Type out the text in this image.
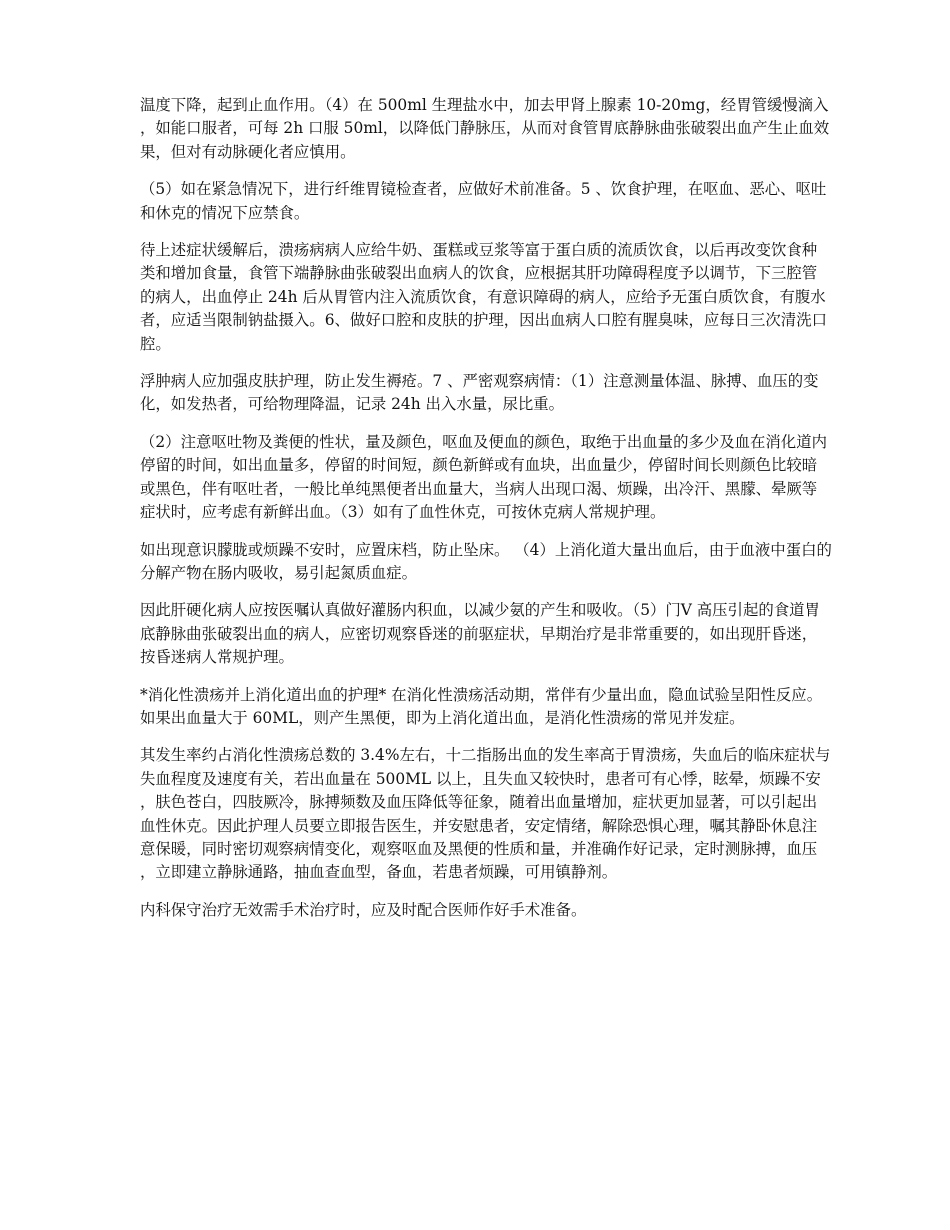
温度下降，起到止血作用。（4）在 500ml 生理盐水中，加去甲肾上腺素 10-20mg，经胃管缓慢滴入，如能口服者，可每 2h 口服 50ml，以降低门静脉压，从而对食管胃底静脉曲张破裂出血产生止血效果，但对有动脉硬化者应慎用。

（5）如在紧急情况下，进行纤维胃镜检查者，应做好术前准备。5 、饮食护理，在呕血、恶心、呕吐和休克的情况下应禁食。

待上述症状缓解后，溃疡病病人应给牛奶、蛋糕或豆浆等富于蛋白质的流质饮食，以后再改变饮食种类和增加食量，食管下端静脉曲张破裂出血病人的饮食，应根据其肝功障碍程度予以调节，下三腔管的病人，出血停止 24h 后从胃管内注入流质饮食，有意识障碍的病人，应给予无蛋白质饮食，有腹水者，应适当限制钠盐摄入。6、做好口腔和皮肤的护理，因出血病人口腔有腥臭味，应每日三次清洗口腔。

浮肿病人应加强皮肤护理，防止发生褥疮。7 、严密观察病情：（1）注意测量体温、脉搏、血压的变化，如发热者，可给物理降温，记录 24h 出入水量，尿比重。

（2）注意呕吐物及粪便的性状，量及颜色，呕血及便血的颜色，取绝于出血量的多少及血在消化道内停留的时间，如出血量多，停留的时间短，颜色新鲜或有血块，出血量少，停留时间长则颜色比较暗或黑色，伴有呕吐者，一般比单纯黑便者出血量大，当病人出现口渴、烦躁，出冷汗、黑朦、晕厥等症状时，应考虑有新鲜出血。（3）如有了血性休克，可按休克病人常规护理。

如出现意识朦胧或烦躁不安时，应置床档，防止坠床。 （4）上消化道大量出血后，由于血液中蛋白的分解产物在肠内吸收，易引起氮质血症。

因此肝硬化病人应按医嘱认真做好灌肠内积血，以减少氨的产生和吸收。（5）门V 高压引起的食道胃底静脉曲张破裂出血的病人，应密切观察昏迷的前驱症状，早期治疗是非常重要的，如出现肝昏迷，按昏迷病人常规护理。

*消化性溃疡并上消化道出血的护理* 在消化性溃疡活动期，常伴有少量出血，隐血试验呈阳性反应。如果出血量大于 60ML，则产生黑便，即为上消化道出血，是消化性溃疡的常见并发症。

其发生率约占消化性溃疡总数的 3.4%左右，十二指肠出血的发生率高于胃溃疡，失血后的临床症状与失血程度及速度有关，若出血量在 500ML 以上，且失血又较快时，患者可有心悸，眩晕，烦躁不安，肤色苍白，四肢厥冷，脉搏频数及血压降低等征象，随着出血量增加，症状更加显著，可以引起出血性休克。因此护理人员要立即报告医生，并安慰患者，安定情绪，解除恐惧心理，嘱其静卧休息注意保暖，同时密切观察病情变化，观察呕血及黑便的性质和量，并准确作好记录，定时测脉搏，血压，立即建立静脉通路，抽血查血型，备血，若患者烦躁，可用镇静剂。

内科保守治疗无效需手术治疗时，应及时配合医师作好手术准备。
